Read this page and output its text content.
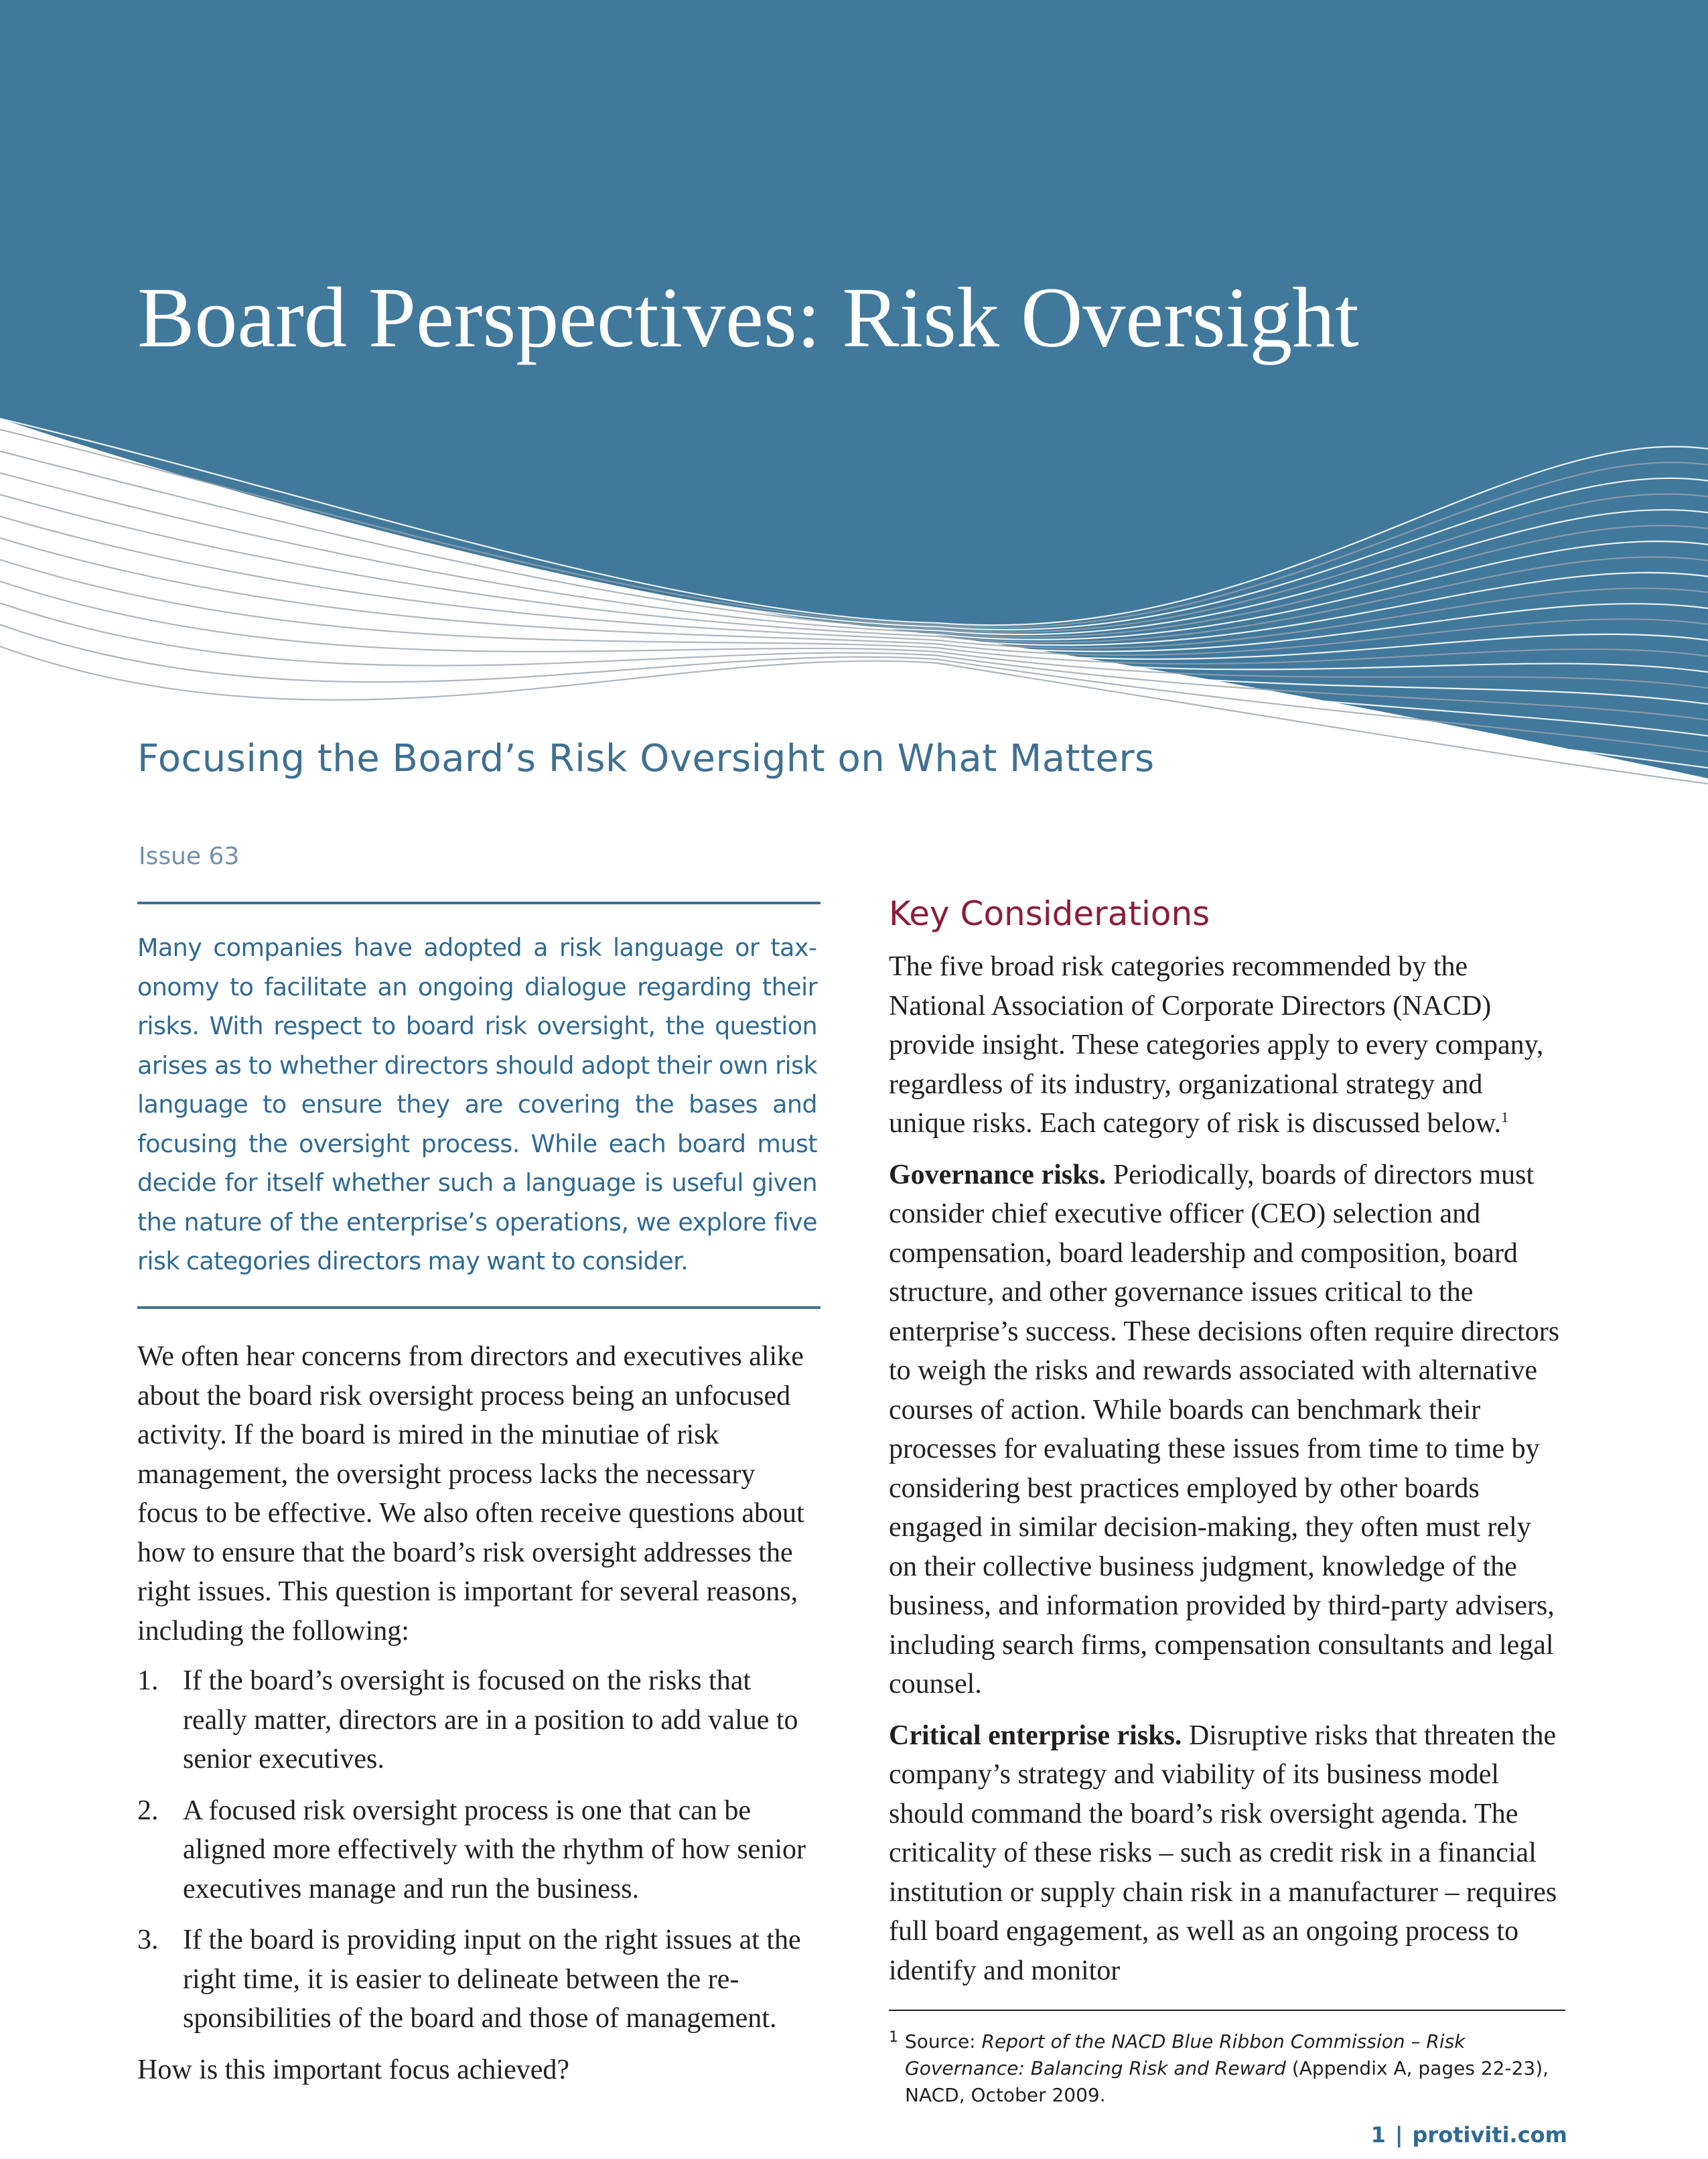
Board Perspectives: Risk Oversight
Focusing the Board’s Risk Oversight on What Matters
Issue 63

Many companies have adopted a risk language or taxonomy to facilitate an ongoing dialogue regarding their risks. With respect to board risk oversight, the question arises as to whether directors should adopt their own risk language to ensure they are covering the bases and focusing the oversight process. While each board must decide for itself whether such a language is useful given the nature of the enterprise’s operations, we explore five risk categories directors may want to consider.

We often hear concerns from directors and executives alike about the board risk oversight process being an unfocused activity. If the board is mired in the minutiae of risk management, the oversight process lacks the necessary focus to be effective. We also often receive questions about how to ensure that the board’s risk oversight addresses the right issues. This question is important for several reasons, including the following:

1. If the board’s oversight is focused on the risks that really matter, directors are in a position to add value to senior executives.
2. A focused risk oversight process is one that can be aligned more effectively with the rhythm of how senior executives manage and run the business.
3. If the board is providing input on the right issues at the right time, it is easier to delineate between the responsibilities of the board and those of management.

How is this important focus achieved?

Key Considerations

The five broad risk categories recommended by the National Association of Corporate Directors (NACD) provide insight. These categories apply to every company, regardless of its industry, organizational strategy and unique risks. Each category of risk is discussed below.$^1$

Governance risks. Periodically, boards of directors must consider chief executive officer (CEO) selection and compensation, board leadership and composition, board structure, and other governance issues critical to the enterprise’s success. These decisions often require directors to weigh the risks and rewards associated with alternative courses of action. While boards can benchmark their processes for evaluating these issues from time to time by considering best practices employed by other boards engaged in similar decision-making, they often must rely on their collective business judgment, knowledge of the business, and information provided by third-party advisers, including search firms, compensation consultants and legal counsel.

Critical enterprise risks. Disruptive risks that threaten the company’s strategy and viability of its business model should command the board’s risk oversight agenda. The criticality of these risks – such as credit risk in a financial institution or supply chain risk in a manufacturer – requires full board engagement, as well as an ongoing process to identify and monitor

1 Source: Report of the NACD Blue Ribbon Commission – Risk Governance: Balancing Risk and Reward (Appendix A, pages 22-23), NACD, October 2009.
1 | protiviti.com
